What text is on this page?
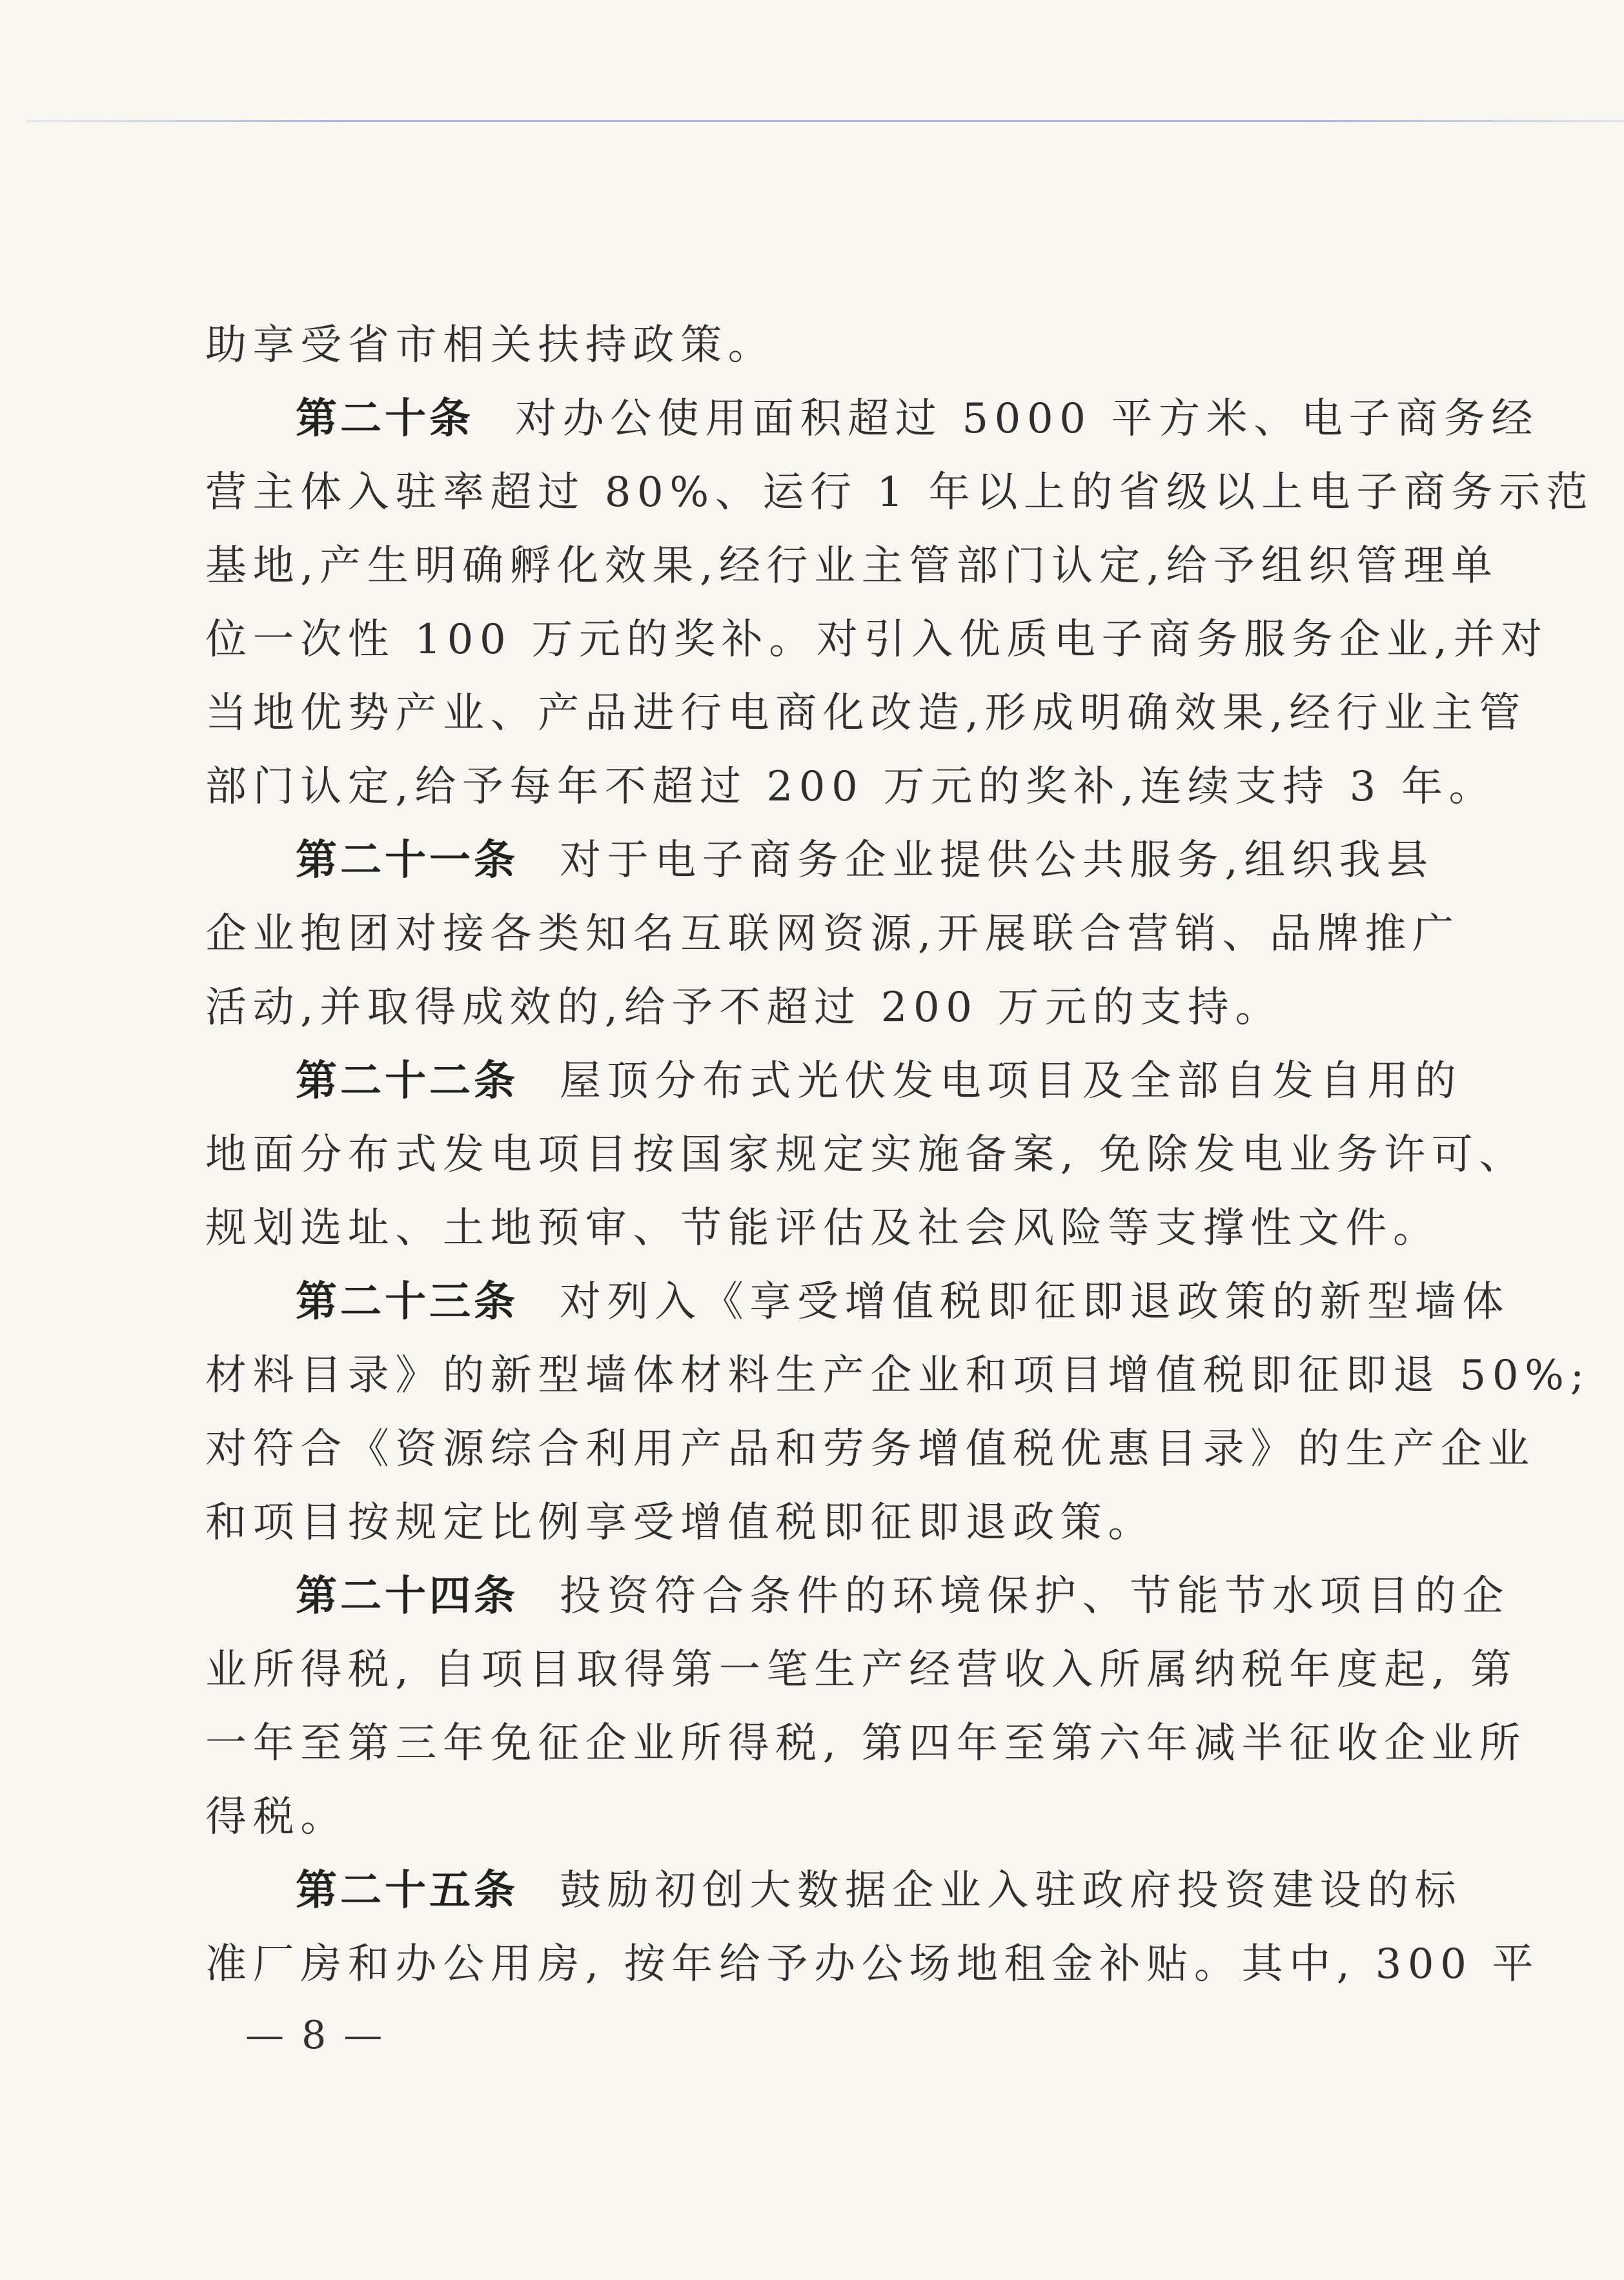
助享受省市相关扶持政策。
第二十条 对办公使用面积超过 5000 平方米、电子商务经
营主体入驻率超过 80%、运行 1 年以上的省级以上电子商务示范
基地,产生明确孵化效果,经行业主管部门认定,给予组织管理单
位一次性 100 万元的奖补。对引入优质电子商务服务企业,并对
当地优势产业、产品进行电商化改造,形成明确效果,经行业主管
部门认定,给予每年不超过 200 万元的奖补,连续支持 3 年。
第二十一条 对于电子商务企业提供公共服务,组织我县
企业抱团对接各类知名互联网资源,开展联合营销、品牌推广
活动,并取得成效的,给予不超过 200 万元的支持。
第二十二条 屋顶分布式光伏发电项目及全部自发自用的
地面分布式发电项目按国家规定实施备案, 免除发电业务许可、
规划选址、土地预审、节能评估及社会风险等支撑性文件。
第二十三条 对列入《享受增值税即征即退政策的新型墙体
材料目录》的新型墙体材料生产企业和项目增值税即征即退 50%;
对符合《资源综合利用产品和劳务增值税优惠目录》的生产企业
和项目按规定比例享受增值税即征即退政策。
第二十四条 投资符合条件的环境保护、节能节水项目的企
业所得税, 自项目取得第一笔生产经营收入所属纳税年度起, 第
一年至第三年免征企业所得税, 第四年至第六年减半征收企业所
得税。
第二十五条 鼓励初创大数据企业入驻政府投资建设的标
准厂房和办公用房, 按年给予办公场地租金补贴。其中, 300 平
— 8 —
